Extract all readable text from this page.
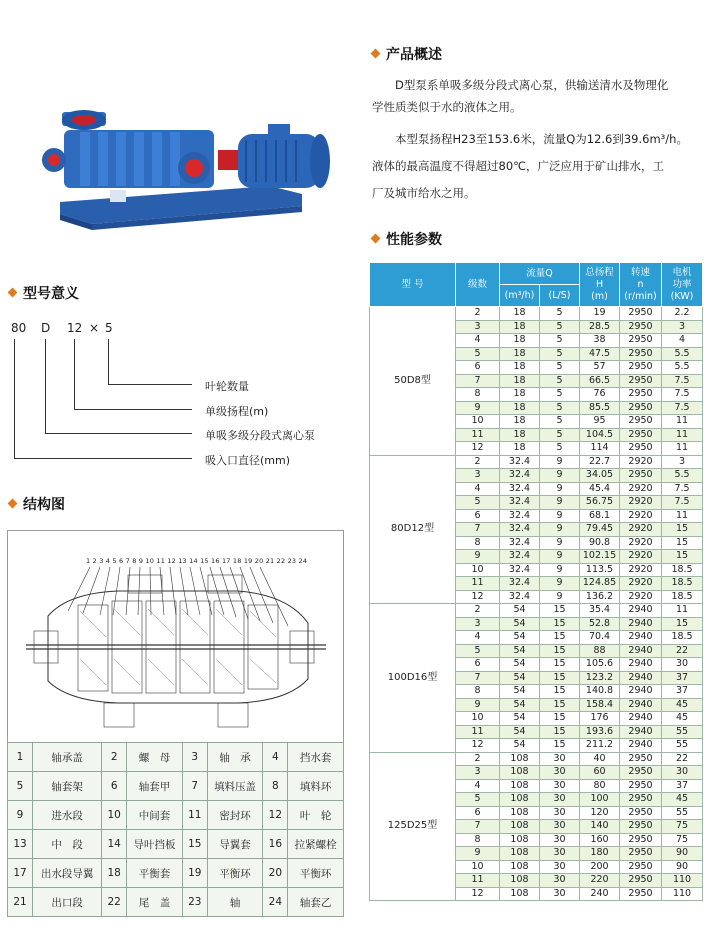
产品概述
D型泵系单吸多级分段式离心泵，供输送清水及物理化
学性质类似于水的液体之用。
本型泵扬程H23至153.6米，流量Q为12.6到39.6m³/h。
液体的最高温度不得超过80℃，广泛应用于矿山排水，工
厂及城市给水之用。
性能参数
型 号	级数	流量Q		总扬程
H
(m)	转速
n
(r/min)	电机
功率
(KW)
		(m³/h)	(L/S)			
50D8型	2	18	5	19	2950	2.2
	3	18	5	28.5	2950	3
	4	18	5	38	2950	4
	5	18	5	47.5	2950	5.5
	6	18	5	57	2950	5.5
	7	18	5	66.5	2950	7.5
	8	18	5	76	2950	7.5
	9	18	5	85.5	2950	7.5
	10	18	5	95	2950	11
	11	18	5	104.5	2950	11
	12	18	5	114	2950	11
80D12型	2	32.4	9	22.7	2920	3
	3	32.4	9	34.05	2950	5.5
	4	32.4	9	45.4	2920	7.5
	5	32.4	9	56.75	2920	7.5
	6	32.4	9	68.1	2920	11
	7	32.4	9	79.45	2920	15
	8	32.4	9	90.8	2920	15
	9	32.4	9	102.15	2920	15
	10	32.4	9	113.5	2920	18.5
	11	32.4	9	124.85	2920	18.5
	12	32.4	9	136.2	2920	18.5
100D16型	2	54	15	35.4	2940	11
	3	54	15	52.8	2940	15
	4	54	15	70.4	2940	18.5
	5	54	15	88	2940	22
	6	54	15	105.6	2940	30
	7	54	15	123.2	2940	37
	8	54	15	140.8	2940	37
	9	54	15	158.4	2940	45
	10	54	15	176	2940	45
	11	54	15	193.6	2940	55
	12	54	15	211.2	2940	55
125D25型	2	108	30	40	2950	22
	3	108	30	60	2950	30
	4	108	30	80	2950	37
	5	108	30	100	2950	45
	6	108	30	120	2950	55
	7	108	30	140	2950	75
	8	108	30	160	2950	75
	9	108	30	180	2950	90
	10	108	30	200	2950	90
	11	108	30	220	2950	110
	12	108	30	240	2950	110
型号意义
80 D 12 × 5
叶轮数量
单级扬程(m)
单吸多级分段式离心泵
吸入口直径(mm)
结构图
1 2 3 4 5 6 7 8 9 10 11 12 13 14 15 16 17 18 19 20 21 22 23 24
1	轴承盖	2	螺　母	3	轴　承	4	挡水套
5	轴套架	6	轴套甲	7	填料压盖	8	填料环
9	进水段	10	中间套	11	密封环	12	叶　轮
13	中　段	14	导叶挡板	15	导翼套	16	拉紧螺栓
17	出水段导翼	18	平衡套	19	平衡环	20	平衡环
21	出口段	22	尾　盖	23	轴	24	轴套乙
